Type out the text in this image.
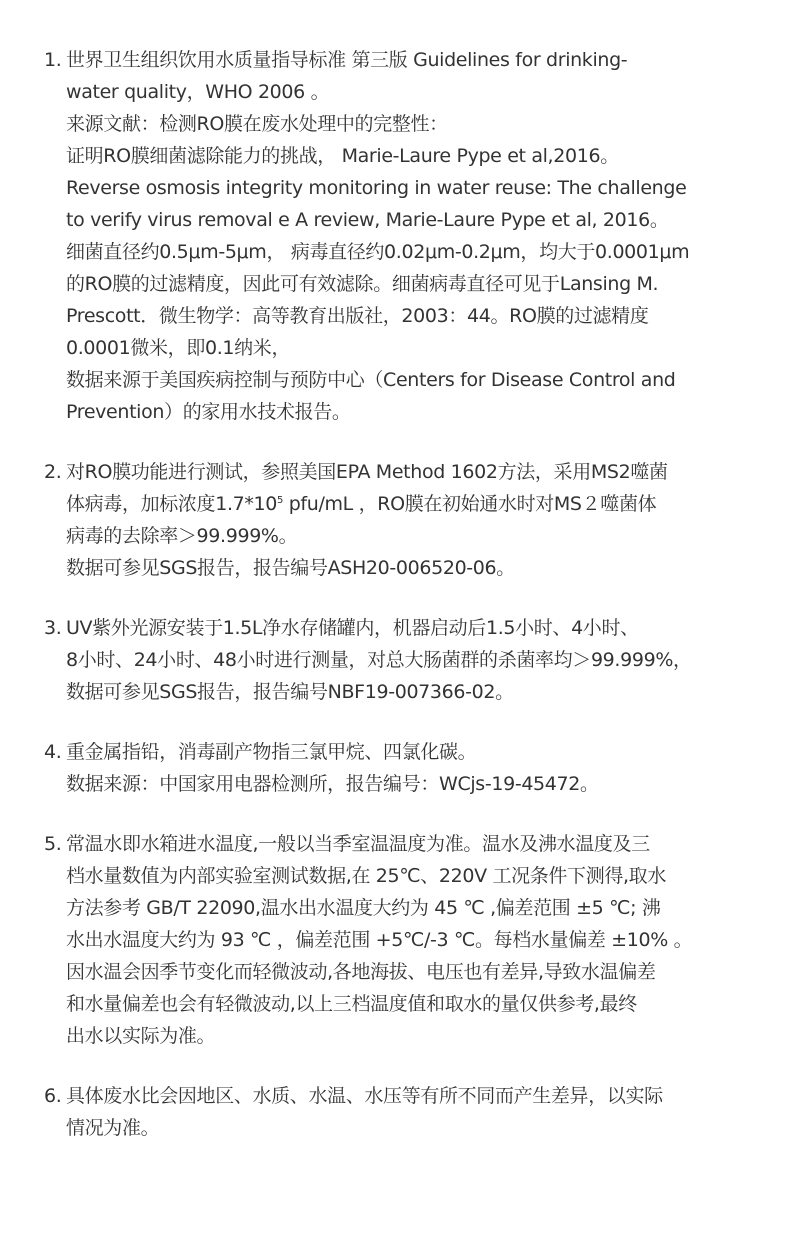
1. 世界卫生组织饮用水质量指导标准 第三版 Guidelines for drinking-
water quality，WHO 2006 。
来源文献：检测RO膜在废水处理中的完整性：
证明RO膜细菌滤除能力的挑战， Marie-Laure Pype et al,2016。
Reverse osmosis integrity monitoring in water reuse: The challenge
to verify virus removal e A review, Marie-Laure Pype et al, 2016。
细菌直径约0.5μm-5μm， 病毒直径约0.02μm-0.2μm，均大于0.0001μm
的RO膜的过滤精度，因此可有效滤除。细菌病毒直径可见于Lansing M.
Prescott．微生物学：高等教育出版社，2003：44。RO膜的过滤精度
0.0001微米，即0.1纳米，
数据来源于美国疾病控制与预防中心（Centers for Disease Control and
Prevention）的家用水技术报告。
2. 对RO膜功能进行测试，参照美国EPA Method 1602方法，采用MS2噬菌
体病毒，加标浓度$1.7*10^5$ pfu/mL ，RO膜在初始通水时对MS２噬菌体
病毒的去除率＞99.999%。
数据可参见SGS报告，报告编号ASH20-006520-06。
3. UV紫外光源安装于1.5L净水存储罐内，机器启动后1.5小时、4小时、
8小时、24小时、48小时进行测量，对总大肠菌群的杀菌率均＞99.999%，
数据可参见SGS报告，报告编号NBF19-007366-02。
4. 重金属指铅，消毒副产物指三氯甲烷、四氯化碳。
数据来源：中国家用电器检测所，报告编号：WCjs-19-45472。
5. 常温水即水箱进水温度,一般以当季室温温度为准。温水及沸水温度及三
档水量数值为内部实验室测试数据,在 25℃、220V 工况条件下测得,取水
方法参考 GB/T 22090,温水出水温度大约为 45 ℃ ,偏差范围 ±5 ℃; 沸
水出水温度大约为 93 ℃ ，偏差范围 +5℃/-3 ℃。每档水量偏差 ±10% 。
因水温会因季节变化而轻微波动,各地海拔、电压也有差异,导致水温偏差
和水量偏差也会有轻微波动,以上三档温度值和取水的量仅供参考,最终
出水以实际为准。
6. 具体废水比会因地区、水质、水温、水压等有所不同而产生差异，以实际
情况为准。
